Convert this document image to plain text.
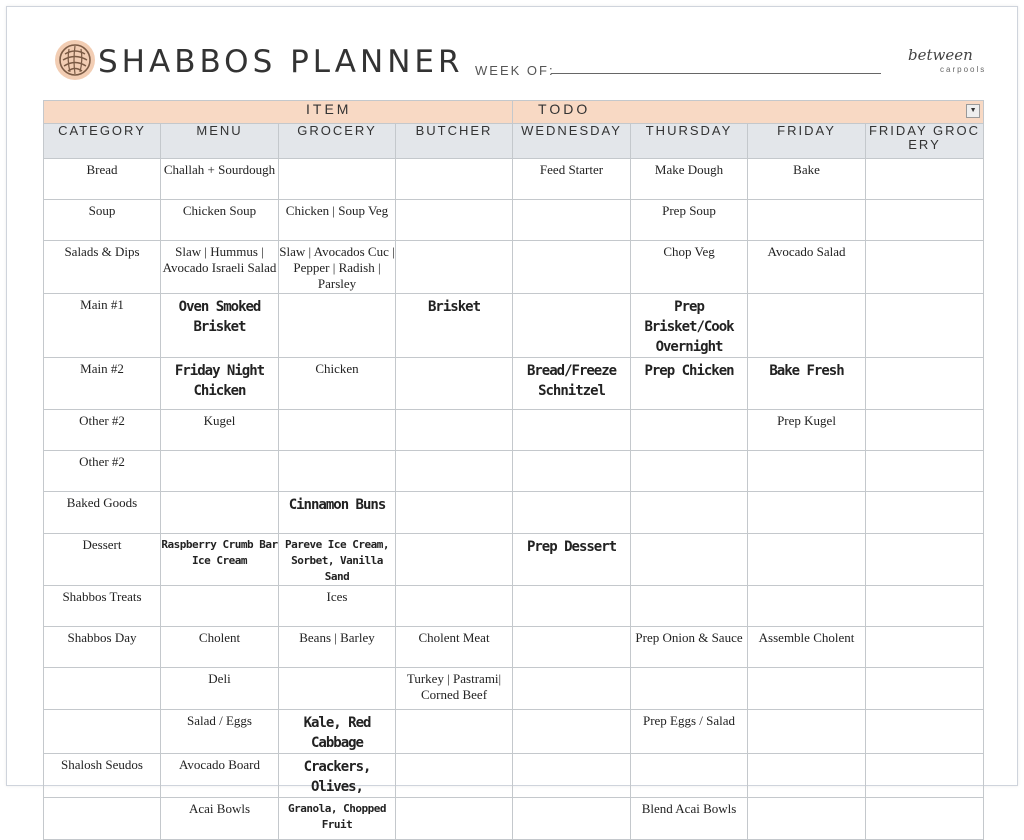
SHABBOS PLANNER WEEK OF:
between
carpools
ITEM				TODO ▼			

CATEGORY	MENU	GROCERY	BUTCHER	WEDNESDAY	THURSDAY	FRIDAY	FRIDAY GROCERY
Bread	Challah + Sourdough			Feed Starter	Make Dough	Bake	
Soup	Chicken Soup	Chicken | Soup Veg			Prep Soup		
Salads & Dips	Slaw | Hummus | Avocado Israeli Salad	Slaw | Avocados Cuc | Pepper | Radish | Parsley			Chop Veg	Avocado Salad	
Main #1	Oven Smoked Brisket		Brisket		Prep Brisket/Cook Overnight		
Main #2	Friday Night Chicken	Chicken		Bread/Freeze Schnitzel	Prep Chicken	Bake Fresh	
Other #2	Kugel					Prep Kugel	
Other #2							
Baked Goods		Cinnamon Buns					
Dessert	Raspberry Crumb Bar Ice Cream	Pareve Ice Cream, Sorbet, Vanilla Sand		Prep Dessert			
Shabbos Treats		Ices					
Shabbos Day	Cholent	Beans | Barley	Cholent Meat		Prep Onion & Sauce	Assemble Cholent	
	Deli		Turkey | Pastrami| Corned Beef				
	Salad / Eggs	Kale, Red Cabbage			Prep Eggs / Salad		
Shalosh Seudos	Avocado Board	Crackers, Olives,					
	Acai Bowls	Granola, Chopped Fruit			Blend Acai Bowls		
